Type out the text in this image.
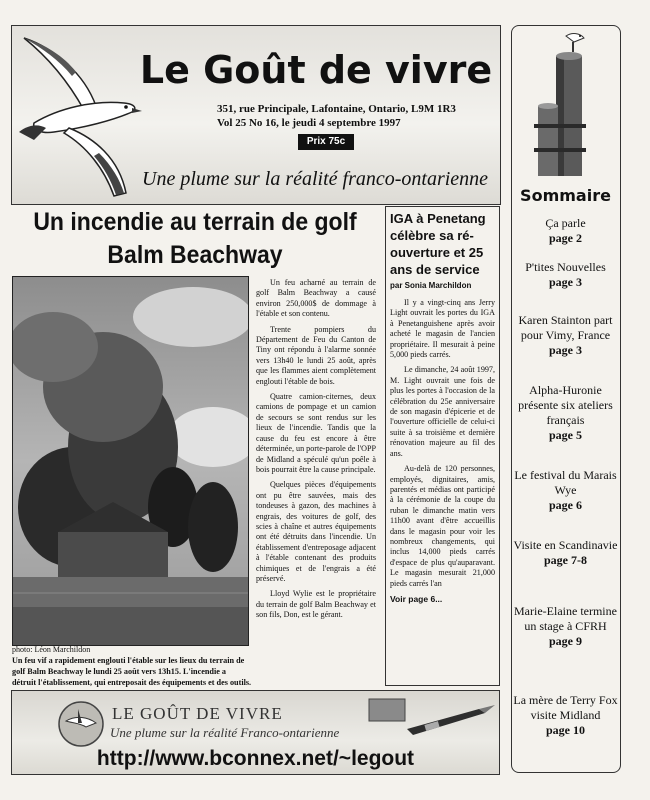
Le Goût de vivre
351, rue Principale, Lafontaine, Ontario, L9M 1R3
Vol 25 No 16, le jeudi 4 septembre 1997
Prix 75c
Une plume sur la réalité franco-ontarienne
Un incendie au terrain de golf
Balm Beachway
photo: Léon Marchildon
Un feu vif a rapidement englouti l'étable sur les lieux du terrain de golf Balm Beachway le lundi 25 août vers 13h15. L'incendie a détruit l'établissement, qui entreposait des équipements et des outils.

Un feu acharné au terrain de golf Balm Beachway a causé environ 250,000$ de dommage à l'étable et son contenu.

Trente pompiers du Département de Feu du Canton de Tiny ont répondu à l'alarme sonnée vers 13h40 le lundi 25 août, après que les flammes aient complètement englouti l'étable de bois.

Quatre camion-citernes, deux camions de pompage et un camion de secours se sont rendus sur les lieux de l'incendie. Tandis que la cause du feu est encore à être déterminée, un porte-parole de l'OPP de Midland a spéculé qu'un poêle à bois pourrait être la cause principale.

Quelques pièces d'équipements ont pu être sauvées, mais des tondeuses à gazon, des machines à engrais, des voitures de golf, des scies à chaîne et autres équipements ont été détruits dans l'incendie. Un établissement d'entreposage adjacent à l'étable contenant des produits chimiques et de l'engrais a été préservé.

Lloyd Wylie est le propriétaire du terrain de golf Balm Beachway et son fils, Don, est le gérant.

IGA à Penetang célèbre sa ré-ouverture et 25 ans de service
par Sonia Marchildon

Il y a vingt-cinq ans Jerry Light ouvrait les portes du IGA à Penetanguishene après avoir acheté le magasin de l'ancien propriétaire. Il mesurait à peine 5,000 pieds carrés.

Le dimanche, 24 août 1997, M. Light ouvrait une fois de plus les portes à l'occasion de la célébration du 25e anniversaire de son magasin d'épicerie et de l'ouverture officielle de celui-ci suite à sa troisième et dernière rénovation majeure au fil des ans.

Au-delà de 120 personnes, employés, dignitaires, amis, parentés et médias ont participé à la cérémonie de la coupe du ruban le dimanche matin vers 11h00 avant d'être accueillis dans le magasin pour voir les nombreux changements, qui inclus 14,000 pieds carrés d'espace de plus qu'auparavant. Le magasin mesurait 21,000 pieds carrés l'an

Voir page 6...
Sommaire
Ça parle
page 2
P'tites Nouvelles
page 3
Karen Stainton part pour Vimy, France
page 3
Alpha-Huronie présente six ateliers français
page 5
Le festival du Marais Wye
page 6
Visite en Scandinavie
page 7-8
Marie-Elaine termine un stage à CFRH
page 9
La mère de Terry Fox visite Midland
page 10
LE GOÛT DE VIVRE
Une plume sur la réalité Franco-ontarienne
http://www.bconnex.net/~legout
